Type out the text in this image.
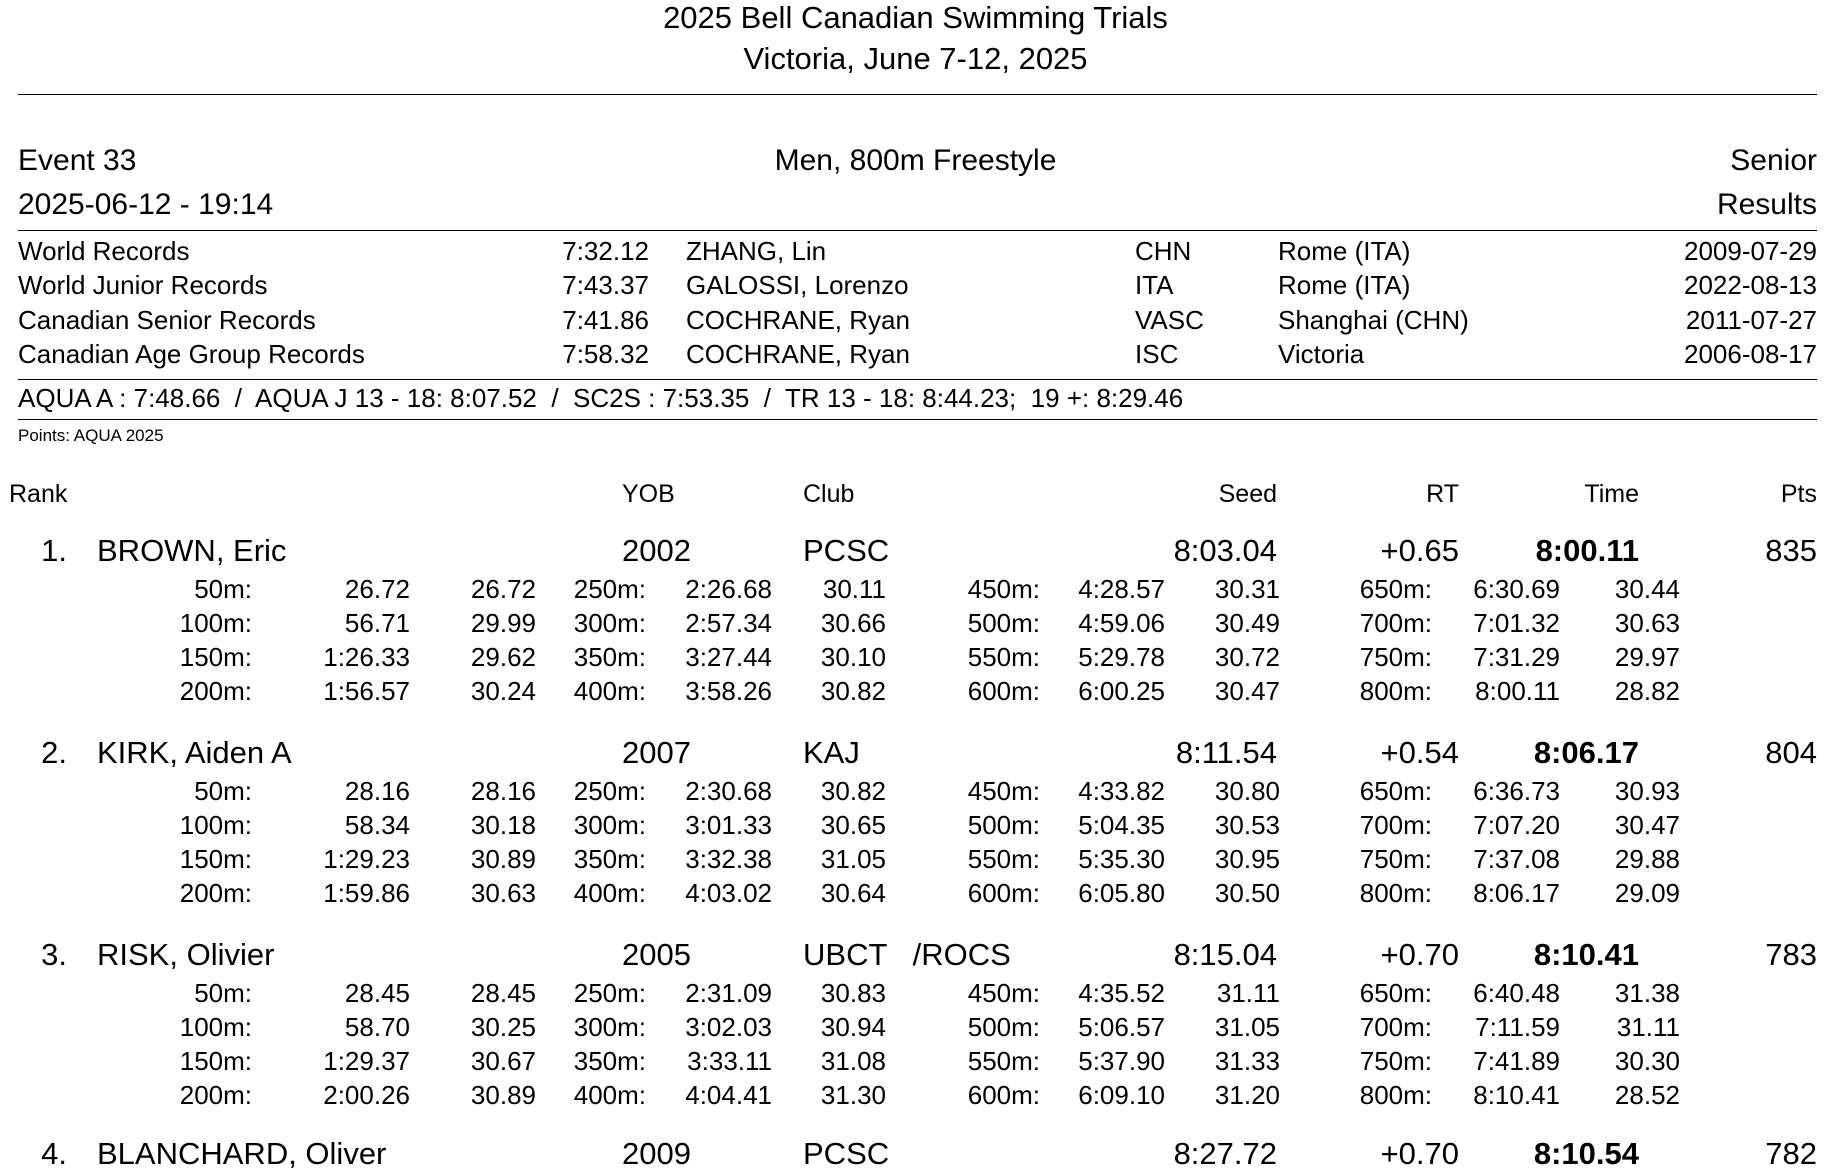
2025 Bell Canadian Swimming Trials
Victoria, June 7-12, 2025
Event 33	Men, 800m Freestyle	Senior
2025-06-12 - 19:14	Results
World Records	7:32.12 ZHANG, Lin	CHN	Rome (ITA)	2009-07-29
World Junior Records	7:43.37 GALOSSI, Lorenzo	ITA	Rome (ITA)	2022-08-13
Canadian Senior Records	7:41.86 COCHRANE, Ryan	VASC	Shanghai (CHN)	2011-07-27
Canadian Age Group Records	7:58.32 COCHRANE, Ryan	ISC	Victoria	2006-08-17
AQUA A : 7:48.66  /  AQUA J 13 - 18: 8:07.52  /  SC2S : 7:53.35  /  TR 13 - 18: 8:44.23;  19 +: 8:29.46
Points: AQUA 2025
Rank	YOB	Club	Seed	RT	Time	Pts
1. BROWN, Eric	2002	PCSC	8:03.04	+0.65 8:00.11	835
50m:	26.72 26.72
100m:	56.71 29.99
150m:	1:26.33 29.62
200m:	1:56.57 30.24
250m: 2:26.68 30.11
300m: 2:57.34 30.66
350m: 3:27.44 30.10
400m: 3:58.26 30.82
450m: 4:28.57 30.31
500m: 4:59.06 30.49
550m: 5:29.78 30.72
600m: 6:00.25 30.47
650m: 6:30.69 30.44
700m: 7:01.32 30.63
750m: 7:31.29 29.97
800m: 8:00.11 28.82
2. KIRK, Aiden A	2007	KAJ	8:11.54	+0.54 8:06.17	804
50m:	28.16 28.16
100m:	58.34 30.18
150m:	1:29.23 30.89
200m:	1:59.86 30.63
250m: 2:30.68 30.82
300m: 3:01.33 30.65
350m: 3:32.38 31.05
400m: 4:03.02 30.64
450m: 4:33.82 30.80
500m: 5:04.35 30.53
550m: 5:35.30 30.95
600m: 6:05.80 30.50
650m: 6:36.73 30.93
700m: 7:07.20 30.47
750m: 7:37.08 29.88
800m: 8:06.17 29.09
3. RISK, Olivier	2005	UBCT   /ROCS	8:15.04	+0.70 8:10.41	783
50m:	28.45 28.45
100m:	58.70 30.25
150m:	1:29.37 30.67
200m:	2:00.26 30.89
250m: 2:31.09 30.83
300m: 3:02.03 30.94
350m: 3:33.11 31.08
400m: 4:04.41 31.30
450m: 4:35.52 31.11
500m: 5:06.57 31.05
550m: 5:37.90 31.33
600m: 6:09.10 31.20
650m: 6:40.48 31.38
700m: 7:11.59 31.11
750m: 7:41.89 30.30
800m: 8:10.41 28.52
4. BLANCHARD, Oliver	2009	PCSC	8:27.72	+0.70 8:10.54	782
